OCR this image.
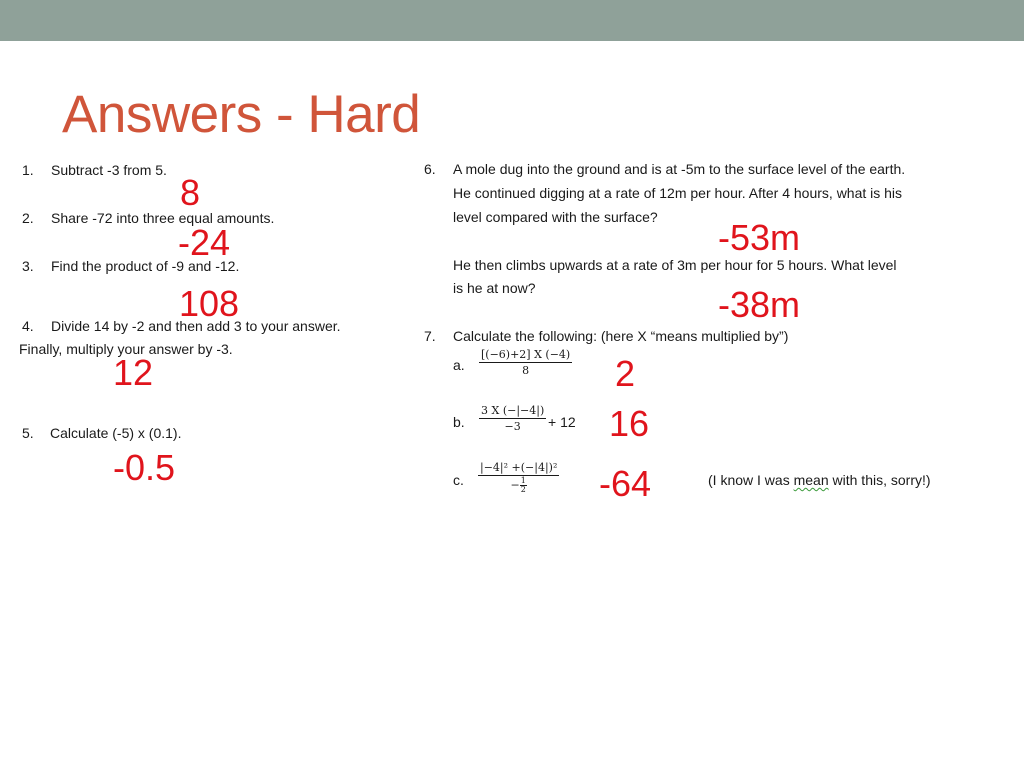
Answers - Hard
1. Subtract -3 from 5.
8
2. Share -72 into three equal amounts.
-24
3. Find the product of -9 and -12.
108
4. Divide 14 by -2 and then add 3 to your answer.
Finally, multiply your answer by -3.
12
5. Calculate (-5) x (0.1).
-0.5
6. A mole dug into the ground and is at -5m to the surface level of the earth.
He continued digging at a rate of 12m per hour. After 4 hours, what is his
level compared with the surface? -53m
He then climbs upwards at a rate of 3m per hour for 5 hours. What level
is he at now?	-38m
7. Calculate the following: (here X “means multiplied by”)
a. $\frac{[(-6)+2] X (-4)}{8} 2$
b. $\frac{3 X (-|-4|)}{-3} + 12$ 16
c. $\frac{\text{|−4|² +(−|4|)²}}{- \frac{1}{2}} -64$	(I know I was mean with this, sorry!)
